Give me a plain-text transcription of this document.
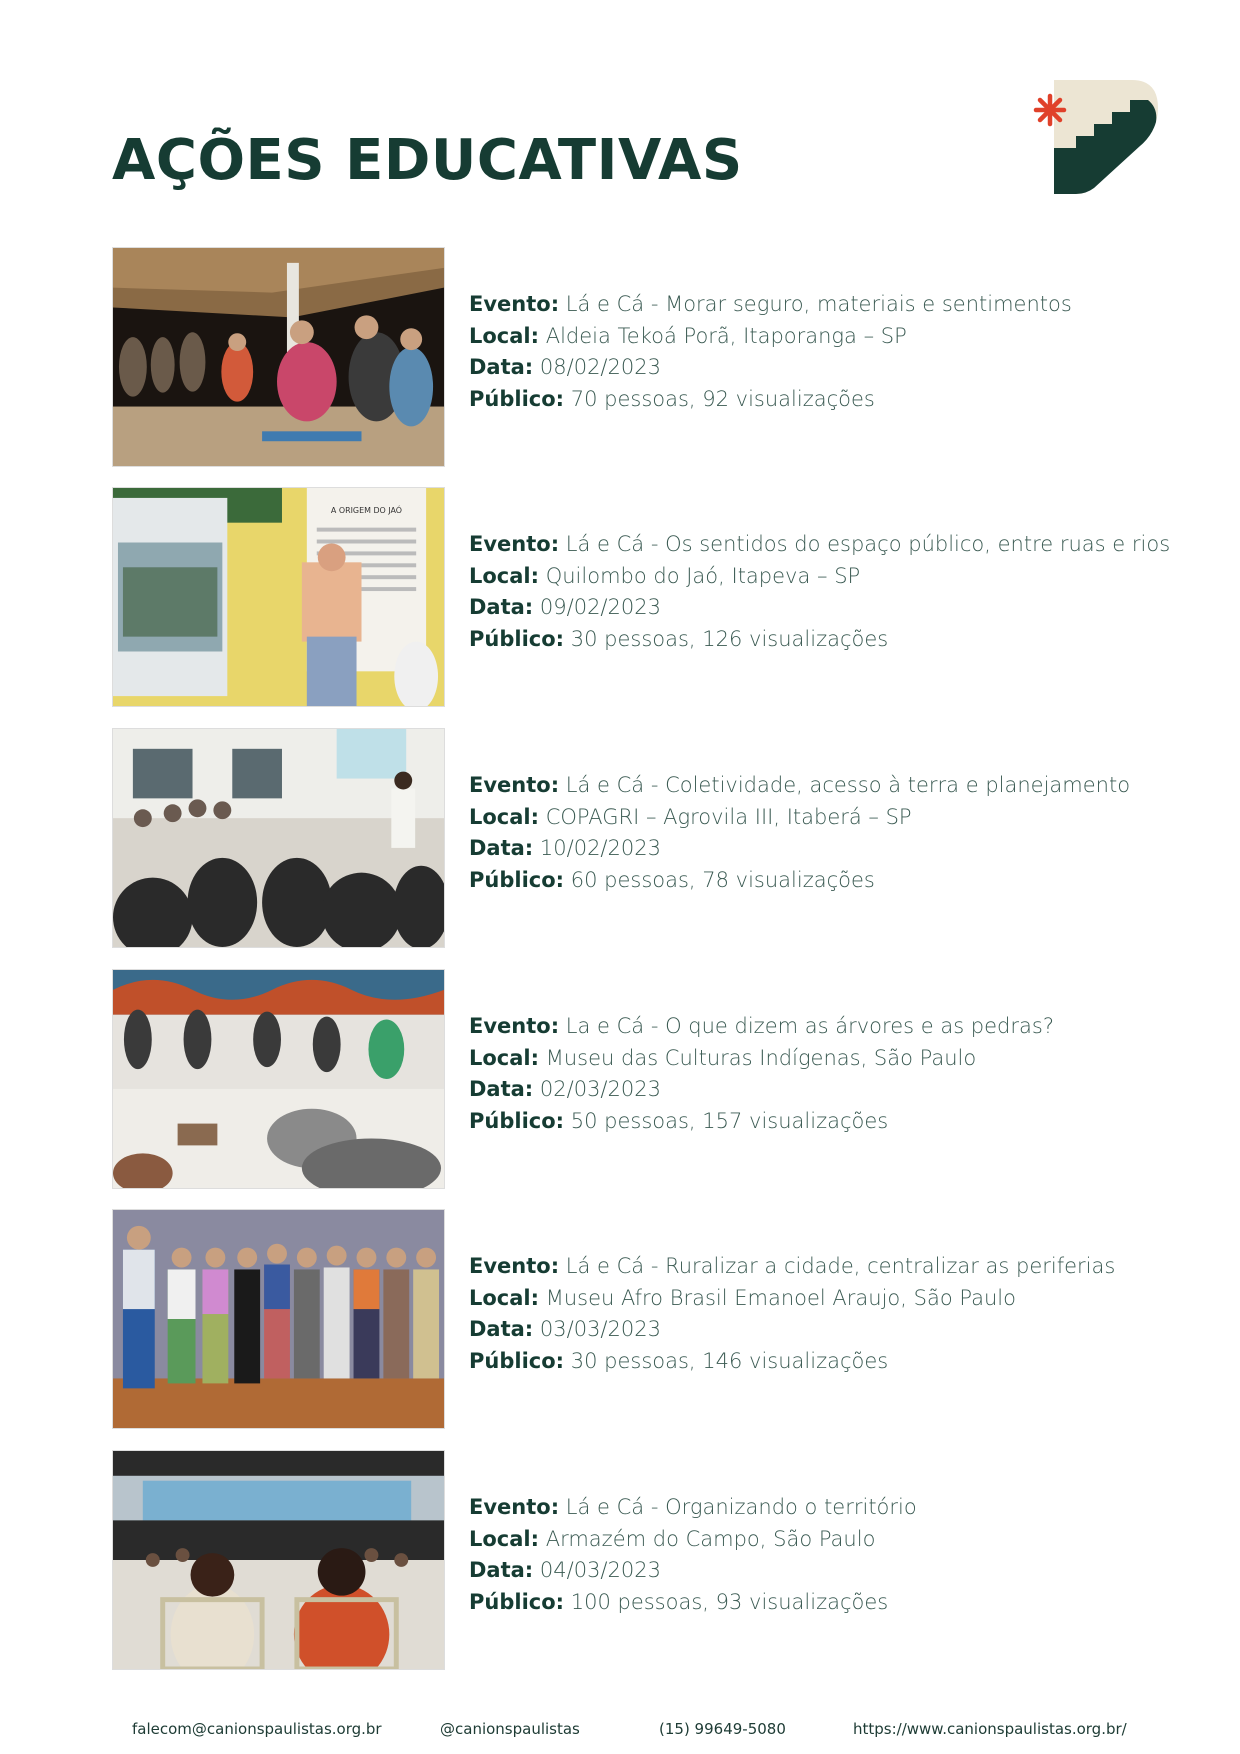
AÇÕES EDUCATIVAS
Evento: Lá e Cá - Morar seguro, materiais e sentimentos
Local: Aldeia Tekoá Porã, Itaporanga – SP
Data: 08/02/2023
Público: 70 pessoas, 92 visualizações
A ORIGEM DO JAÓ
Evento: Lá e Cá - Os sentidos do espaço público, entre ruas e rios
Local: Quilombo do Jaó, Itapeva – SP
Data: 09/02/2023
Público: 30 pessoas, 126 visualizações
Evento: Lá e Cá - Coletividade, acesso à terra e planejamento
Local: COPAGRI – Agrovila III, Itaberá – SP
Data: 10/02/2023
Público: 60 pessoas, 78 visualizações
Evento: La e Cá - O que dizem as árvores e as pedras?
Local: Museu das Culturas Indígenas, São Paulo
Data: 02/03/2023
Público: 50 pessoas, 157 visualizações
Evento: Lá e Cá - Ruralizar a cidade, centralizar as periferias
Local: Museu Afro Brasil Emanoel Araujo, São Paulo
Data: 03/03/2023
Público: 30 pessoas, 146 visualizações
Evento: Lá e Cá - Organizando o território
Local: Armazém do Campo, São Paulo
Data: 04/03/2023
Público: 100 pessoas, 93 visualizações
falecom@canionspaulistas.org.br	@canionspaulistas	(15) 99649-5080	https://www.canionspaulistas.org.br/
